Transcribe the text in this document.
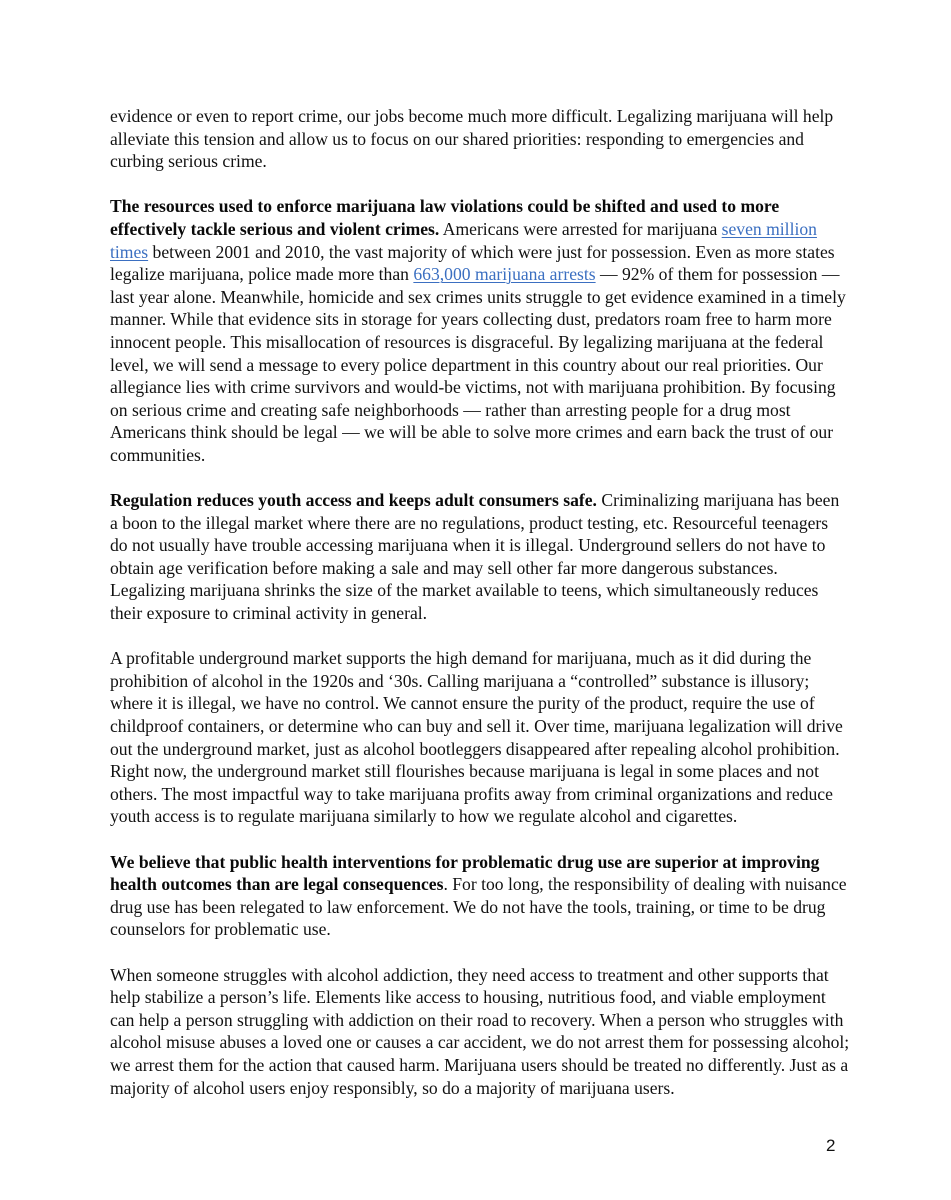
evidence or even to report crime, our jobs become much more difficult. Legalizing marijuana will help alleviate this tension and allow us to focus on our shared priorities: responding to emergencies and curbing serious crime.

The resources used to enforce marijuana law violations could be shifted and used to more effectively tackle serious and violent crimes. Americans were arrested for marijuana seven million times between 2001 and 2010, the vast majority of which were just for possession. Even as more states legalize marijuana, police made more than 663,000 marijuana arrests — 92% of them for possession — last year alone. Meanwhile, homicide and sex crimes units struggle to get evidence examined in a timely manner. While that evidence sits in storage for years collecting dust, predators roam free to harm more innocent people. This misallocation of resources is disgraceful. By legalizing marijuana at the federal level, we will send a message to every police department in this country about our real priorities. Our allegiance lies with crime survivors and would-be victims, not with marijuana prohibition. By focusing on serious crime and creating safe neighborhoods — rather than arresting people for a drug most Americans think should be legal — we will be able to solve more crimes and earn back the trust of our communities.

Regulation reduces youth access and keeps adult consumers safe. Criminalizing marijuana has been a boon to the illegal market where there are no regulations, product testing, etc. Resourceful teenagers do not usually have trouble accessing marijuana when it is illegal. Underground sellers do not have to obtain age verification before making a sale and may sell other far more dangerous substances. Legalizing marijuana shrinks the size of the market available to teens, which simultaneously reduces their exposure to criminal activity in general.

A profitable underground market supports the high demand for marijuana, much as it did during the prohibition of alcohol in the 1920s and ‘30s. Calling marijuana a “controlled” substance is illusory; where it is illegal, we have no control. We cannot ensure the purity of the product, require the use of childproof containers, or determine who can buy and sell it. Over time, marijuana legalization will drive out the underground market, just as alcohol bootleggers disappeared after repealing alcohol prohibition. Right now, the underground market still flourishes because marijuana is legal in some places and not others. The most impactful way to take marijuana profits away from criminal organizations and reduce youth access is to regulate marijuana similarly to how we regulate alcohol and cigarettes.

We believe that public health interventions for problematic drug use are superior at improving health outcomes than are legal consequences. For too long, the responsibility of dealing with nuisance drug use has been relegated to law enforcement. We do not have the tools, training, or time to be drug counselors for problematic use.

When someone struggles with alcohol addiction, they need access to treatment and other supports that help stabilize a person’s life. Elements like access to housing, nutritious food, and viable employment can help a person struggling with addiction on their road to recovery. When a person who struggles with alcohol misuse abuses a loved one or causes a car accident, we do not arrest them for possessing alcohol; we arrest them for the action that caused harm. Marijuana users should be treated no differently. Just as a majority of alcohol users enjoy responsibly, so do a majority of marijuana users.

2
